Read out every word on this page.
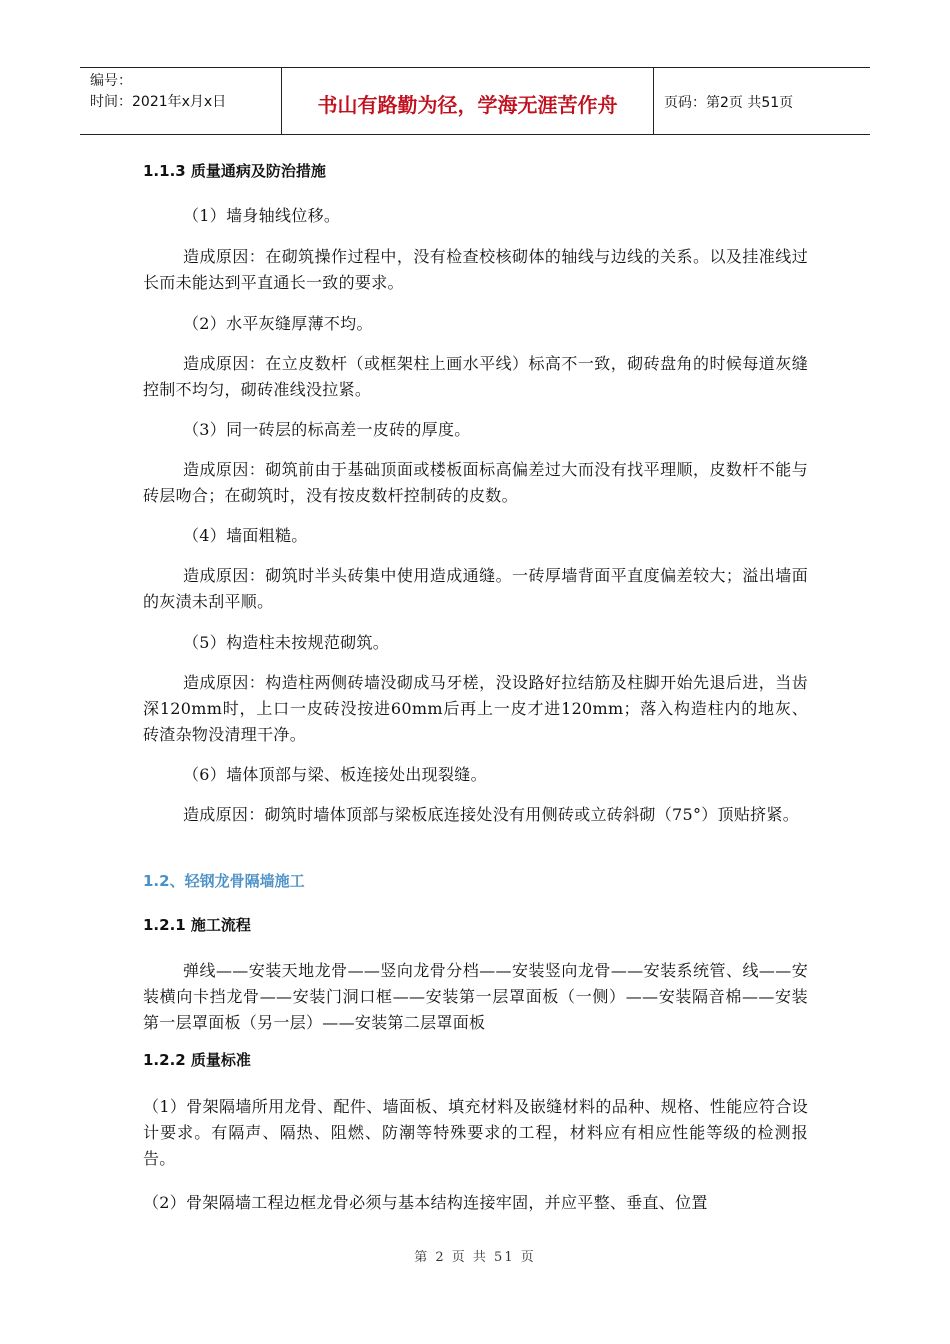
编号：
时间：2021年x月x日	书山有路勤为径，学海无涯苦作舟	页码：第2页 共51页
1.1.3 质量通病及防治措施
（1）墙身轴线位移。
造成原因：在砌筑操作过程中，没有检查校核砌体的轴线与边线的关系。以及挂准线过长而未能达到平直通长一致的要求。
（2）水平灰缝厚薄不均。
造成原因：在立皮数杆（或框架柱上画水平线）标高不一致，砌砖盘角的时候每道灰缝控制不均匀，砌砖准线没拉紧。
（3）同一砖层的标高差一皮砖的厚度。
造成原因：砌筑前由于基础顶面或楼板面标高偏差过大而没有找平理顺，皮数杆不能与砖层吻合；在砌筑时，没有按皮数杆控制砖的皮数。
（4）墙面粗糙。
造成原因：砌筑时半头砖集中使用造成通缝。一砖厚墙背面平直度偏差较大；溢出墙面的灰渍未刮平顺。
（5）构造柱未按规范砌筑。
造成原因：构造柱两侧砖墙没砌成马牙槎，没设路好拉结筋及柱脚开始先退后进，当齿深120mm时，上口一皮砖没按进60mm后再上一皮才进120mm；落入构造柱内的地灰、砖渣杂物没清理干净。
（6）墙体顶部与梁、板连接处出现裂缝。
造成原因：砌筑时墙体顶部与梁板底连接处没有用侧砖或立砖斜砌（75°）顶贴挤紧。
1.2、轻钢龙骨隔墙施工
1.2.1 施工流程
弹线——安装天地龙骨——竖向龙骨分档——安装竖向龙骨——安装系统管、线——安装横向卡挡龙骨——安装门洞口框——安装第一层罩面板（一侧）——安装隔音棉——安装第一层罩面板（另一层）——安装第二层罩面板
1.2.2 质量标准
（1）骨架隔墙所用龙骨、配件、墙面板、填充材料及嵌缝材料的品种、规格、性能应符合设计要求。有隔声、隔热、阻燃、防潮等特殊要求的工程，材料应有相应性能等级的检测报告。
（2）骨架隔墙工程边框龙骨必须与基本结构连接牢固，并应平整、垂直、位置
第 2 页 共 51 页
